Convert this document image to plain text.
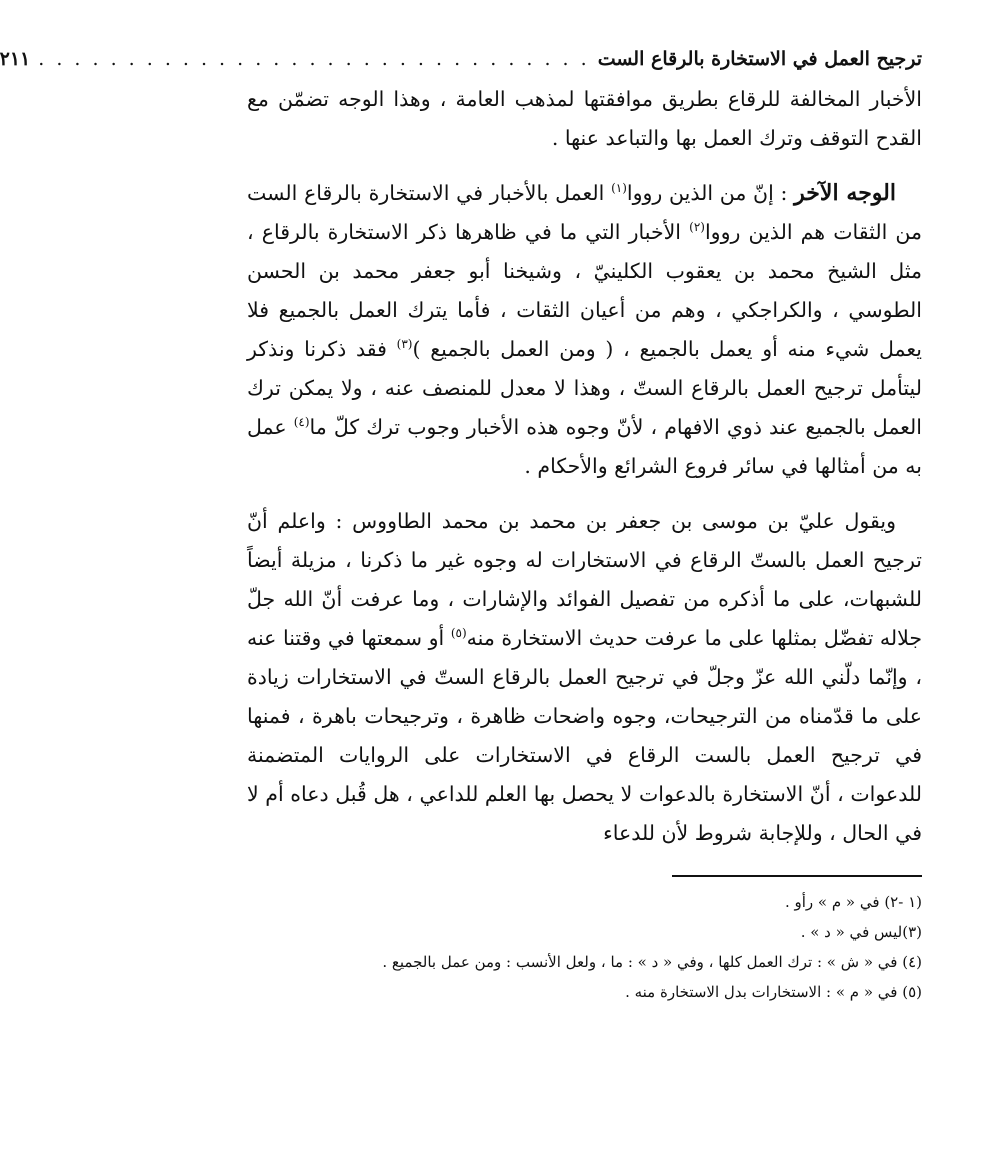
ترجيح العمل في الاستخارة بالرقاع الست
. . . . . . . . . . . . . . . . . . . . . . . . . . . . . . .
٢١١

الأخبار المخالفة للرقاع بطريق موافقتها لمذهب العامة ، وهذا الوجه تضمّن مع القدح التوقف وترك العمل بها والتباعد عنها .

الوجه الآخر : إنّ من الذين رووا$^{(١)}$ العمل بالأخبار في الاستخارة بالرقاع الست من الثقات هم الذين رووا$^{(٢)}$ الأخبار التي ما في ظاهرها ذكر الاستخارة بالرقاع ، مثل الشيخ محمد بن يعقوب الكلينيّ ، وشيخنا أبو جعفر محمد بن الحسن الطوسي ، والكراجكي ، وهم من أعيان الثقات ، فأما يترك العمل بالجميع فلا يعمل شيء منه أو يعمل بالجميع ، ( ومن العمل بالجميع )$^{(٣)}$ فقد ذكرنا ونذكر ليتأمل ترجيح العمل بالرقاع الستّ ، وهذا لا معدل للمنصف عنه ، ولا يمكن ترك العمل بالجميع عند ذوي الافهام ، لأنّ وجوه هذه الأخبار وجوب ترك كلّ ما$^{(٤)}$ عمل به من أمثالها في سائر فروع الشرائع والأحكام .

ويقول عليّ بن موسى بن جعفر بن محمد بن محمد الطاووس : واعلم أنّ ترجيح العمل بالستّ الرقاع في الاستخارات له وجوه غير ما ذكرنا ، مزيلة أيضاً للشبهات، على ما أذكره من تفصيل الفوائد والإشارات ، وما عرفت أنّ الله جلّ جلاله تفضّل بمثلها على ما عرفت حديث الاستخارة منه$^{(٥)}$ أو سمعتها في وقتنا عنه ، وإنّما دلّني الله عزّ وجلّ في ترجيح العمل بالرقاع الستّ في الاستخارات زيادة على ما قدّمناه من الترجيحات، وجوه واضحات ظاهرة ، وترجيحات باهرة ، فمنها في ترجيح العمل بالست الرقاع في الاستخارات على الروايات المتضمنة للدعوات ، أنّ الاستخارة بالدعوات لا يحصل بها العلم للداعي ، هل قُبل دعاه أم لا في الحال ، وللإجابة شروط لأن للدعاء

(١ -٢) في « م » رأو .
(٣)ليس في « د » .
(٤) في « ش » : ترك العمل كلها ، وفي « د » : ما ، ولعل الأنسب : ومن عمل بالجميع .
(٥) في « م » : الاستخارات بدل الاستخارة منه .
